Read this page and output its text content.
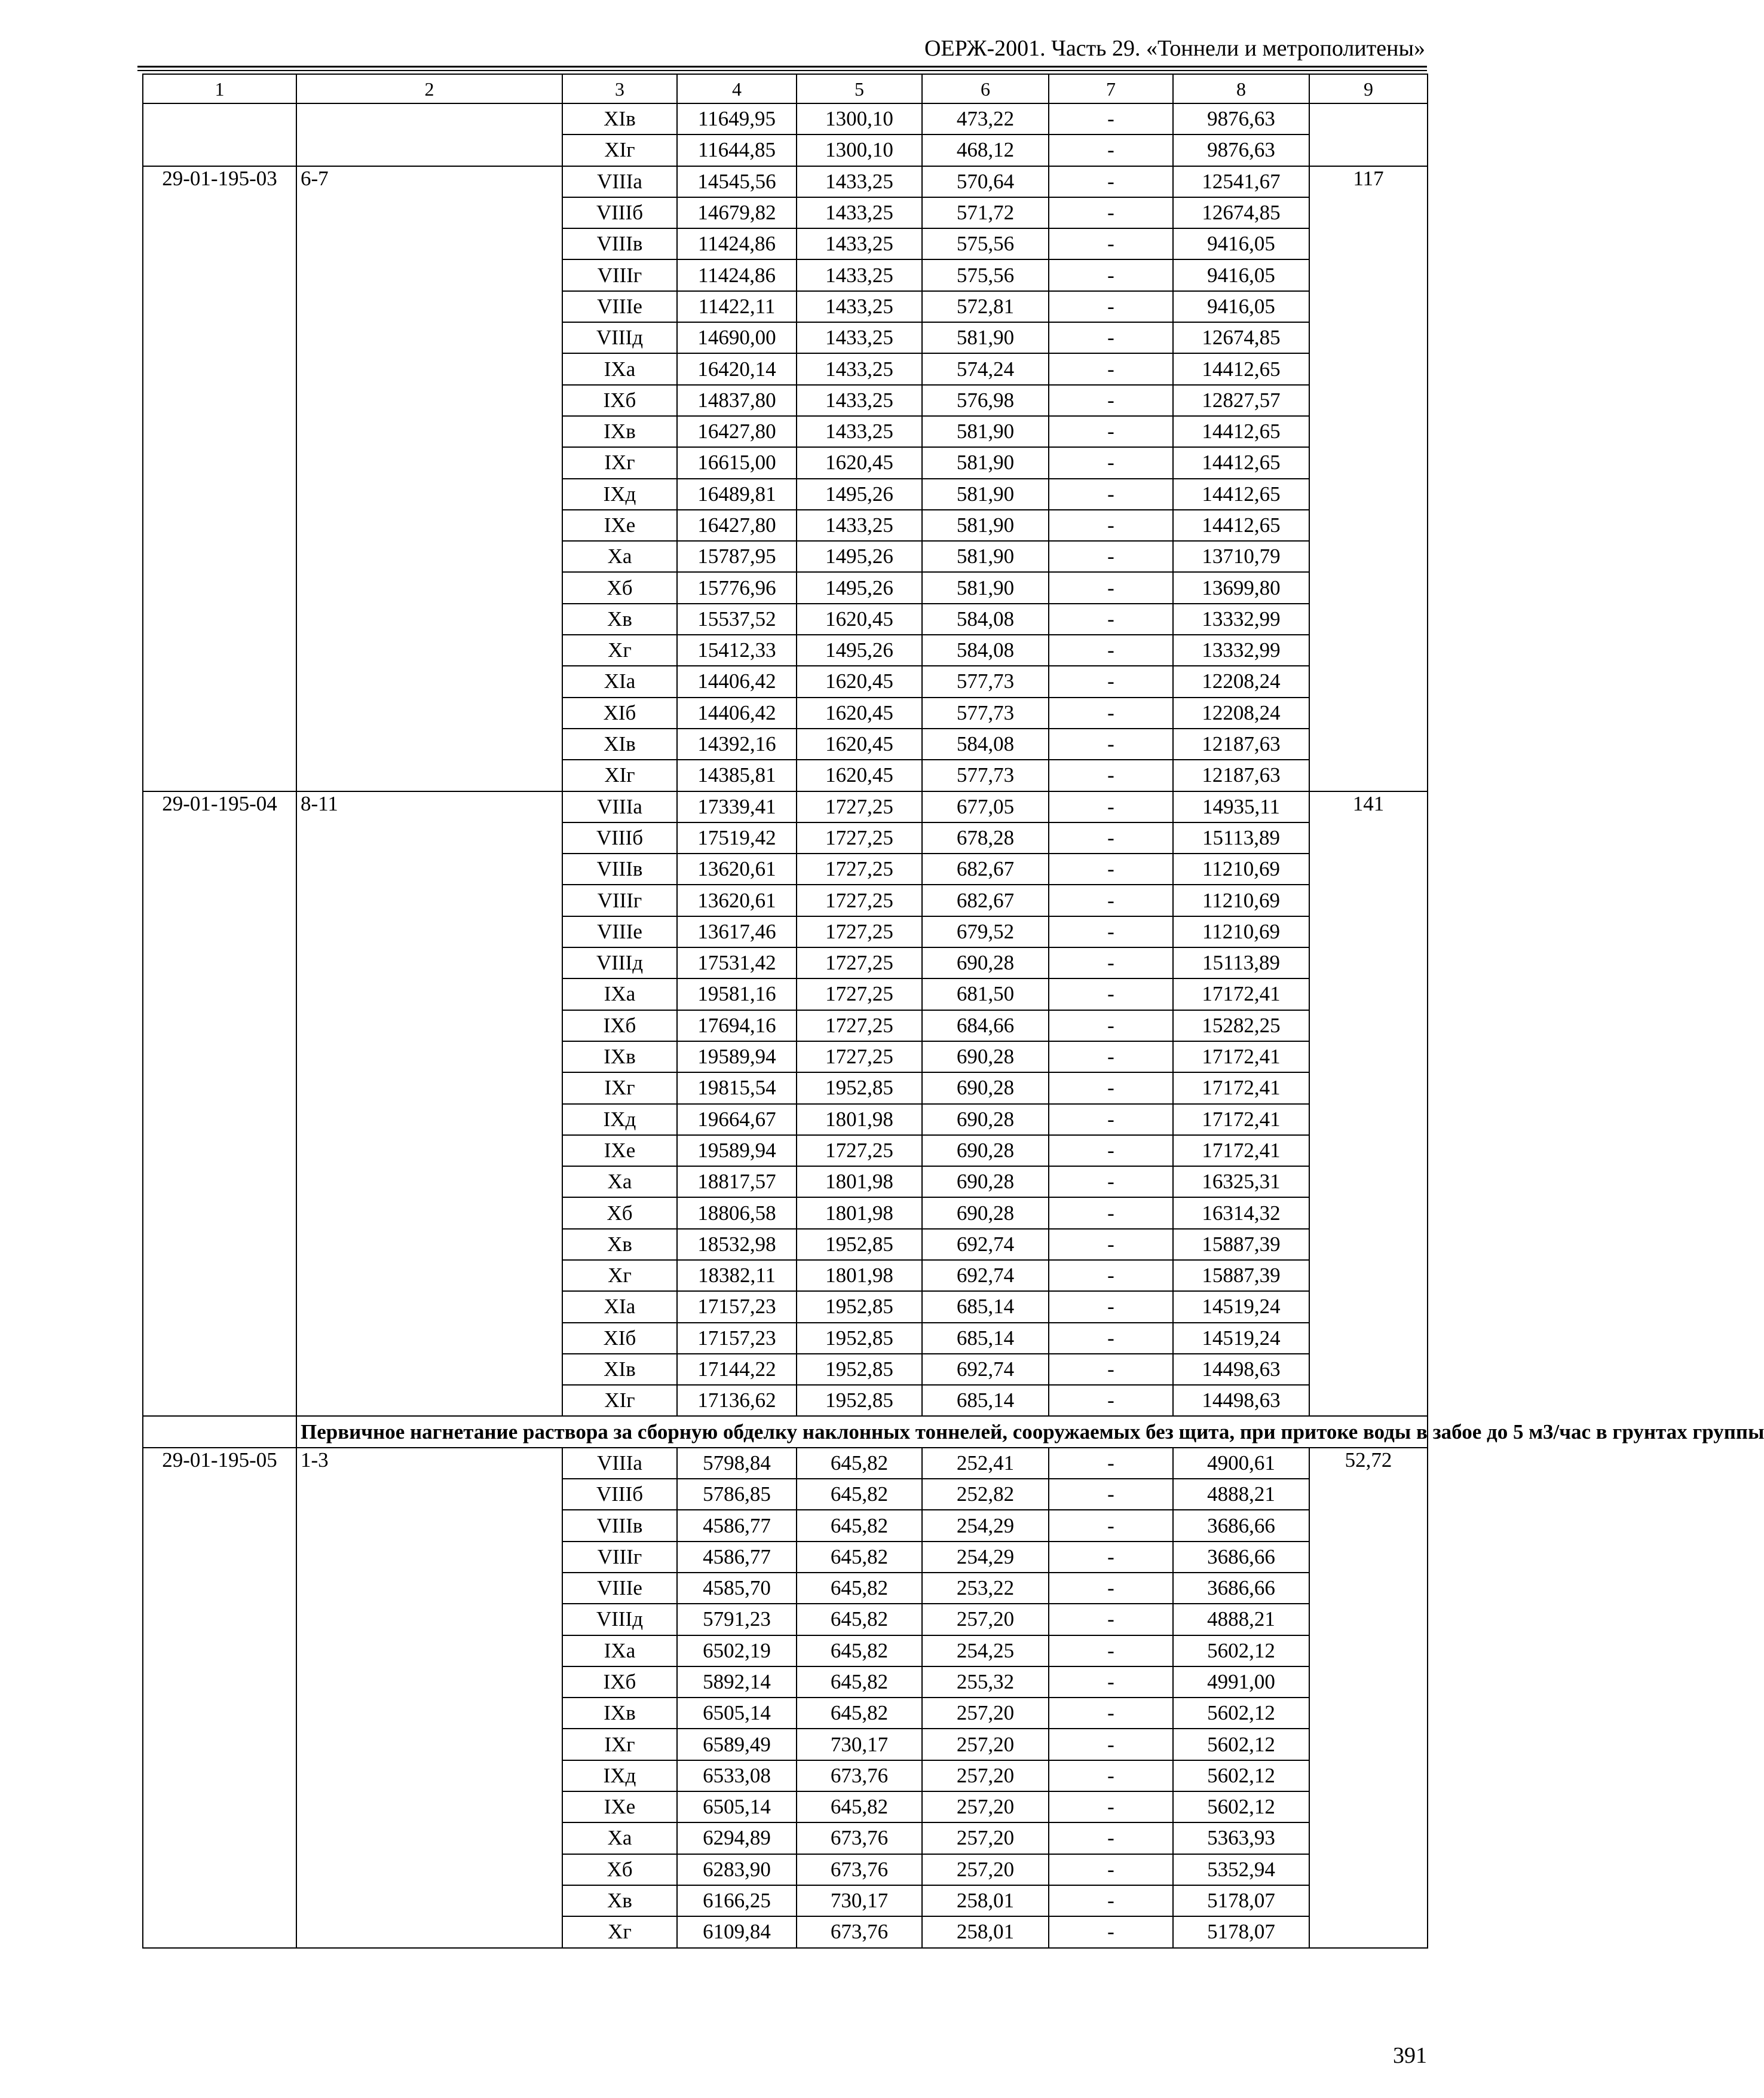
ОЕРЖ-2001. Часть 29. «Тоннели и метрополитены»
1	2	3	4	5	6	7	8	9
		XIв	11649,95	1300,10	473,22	-	9876,63	
		XIг	11644,85	1300,10	468,12	-	9876,63	
29-01-195-03	6-7	VIIIа	14545,56	1433,25	570,64	-	12541,67	117
		VIIIб	14679,82	1433,25	571,72	-	12674,85	
		VIIIв	11424,86	1433,25	575,56	-	9416,05	
		VIIIг	11424,86	1433,25	575,56	-	9416,05	
		VIIIе	11422,11	1433,25	572,81	-	9416,05	
		VIIIд	14690,00	1433,25	581,90	-	12674,85	
		IXа	16420,14	1433,25	574,24	-	14412,65	
		IXб	14837,80	1433,25	576,98	-	12827,57	
		IXв	16427,80	1433,25	581,90	-	14412,65	
		IXг	16615,00	1620,45	581,90	-	14412,65	
		IXд	16489,81	1495,26	581,90	-	14412,65	
		IXе	16427,80	1433,25	581,90	-	14412,65	
		Xа	15787,95	1495,26	581,90	-	13710,79	
		Xб	15776,96	1495,26	581,90	-	13699,80	
		Xв	15537,52	1620,45	584,08	-	13332,99	
		Xг	15412,33	1495,26	584,08	-	13332,99	
		XIа	14406,42	1620,45	577,73	-	12208,24	
		XIб	14406,42	1620,45	577,73	-	12208,24	
		XIв	14392,16	1620,45	584,08	-	12187,63	
		XIг	14385,81	1620,45	577,73	-	12187,63	
29-01-195-04	8-11	VIIIа	17339,41	1727,25	677,05	-	14935,11	141
		VIIIб	17519,42	1727,25	678,28	-	15113,89	
		VIIIв	13620,61	1727,25	682,67	-	11210,69	
		VIIIг	13620,61	1727,25	682,67	-	11210,69	
		VIIIе	13617,46	1727,25	679,52	-	11210,69	
		VIIIд	17531,42	1727,25	690,28	-	15113,89	
		IXа	19581,16	1727,25	681,50	-	17172,41	
		IXб	17694,16	1727,25	684,66	-	15282,25	
		IXв	19589,94	1727,25	690,28	-	17172,41	
		IXг	19815,54	1952,85	690,28	-	17172,41	
		IXд	19664,67	1801,98	690,28	-	17172,41	
		IXе	19589,94	1727,25	690,28	-	17172,41	
		Xа	18817,57	1801,98	690,28	-	16325,31	
		Xб	18806,58	1801,98	690,28	-	16314,32	
		Xв	18532,98	1952,85	692,74	-	15887,39	
		Xг	18382,11	1801,98	692,74	-	15887,39	
		XIа	17157,23	1952,85	685,14	-	14519,24	
		XIб	17157,23	1952,85	685,14	-	14519,24	
		XIв	17144,22	1952,85	692,74	-	14498,63	
		XIг	17136,62	1952,85	685,14	-	14498,63	
	Первичное нагнетание раствора за сборную обделку наклонных тоннелей, сооружаемых без щита, при притоке воды в забое до 5 м3/час в грунтах группы							
29-01-195-05	1-3	VIIIа	5798,84	645,82	252,41	-	4900,61	52,72
		VIIIб	5786,85	645,82	252,82	-	4888,21	
		VIIIв	4586,77	645,82	254,29	-	3686,66	
		VIIIг	4586,77	645,82	254,29	-	3686,66	
		VIIIе	4585,70	645,82	253,22	-	3686,66	
		VIIIд	5791,23	645,82	257,20	-	4888,21	
		IXа	6502,19	645,82	254,25	-	5602,12	
		IXб	5892,14	645,82	255,32	-	4991,00	
		IXв	6505,14	645,82	257,20	-	5602,12	
		IXг	6589,49	730,17	257,20	-	5602,12	
		IXд	6533,08	673,76	257,20	-	5602,12	
		IXе	6505,14	645,82	257,20	-	5602,12	
		Xа	6294,89	673,76	257,20	-	5363,93	
		Xб	6283,90	673,76	257,20	-	5352,94	
		Xв	6166,25	730,17	258,01	-	5178,07	
		Xг	6109,84	673,76	258,01	-	5178,07	
391
